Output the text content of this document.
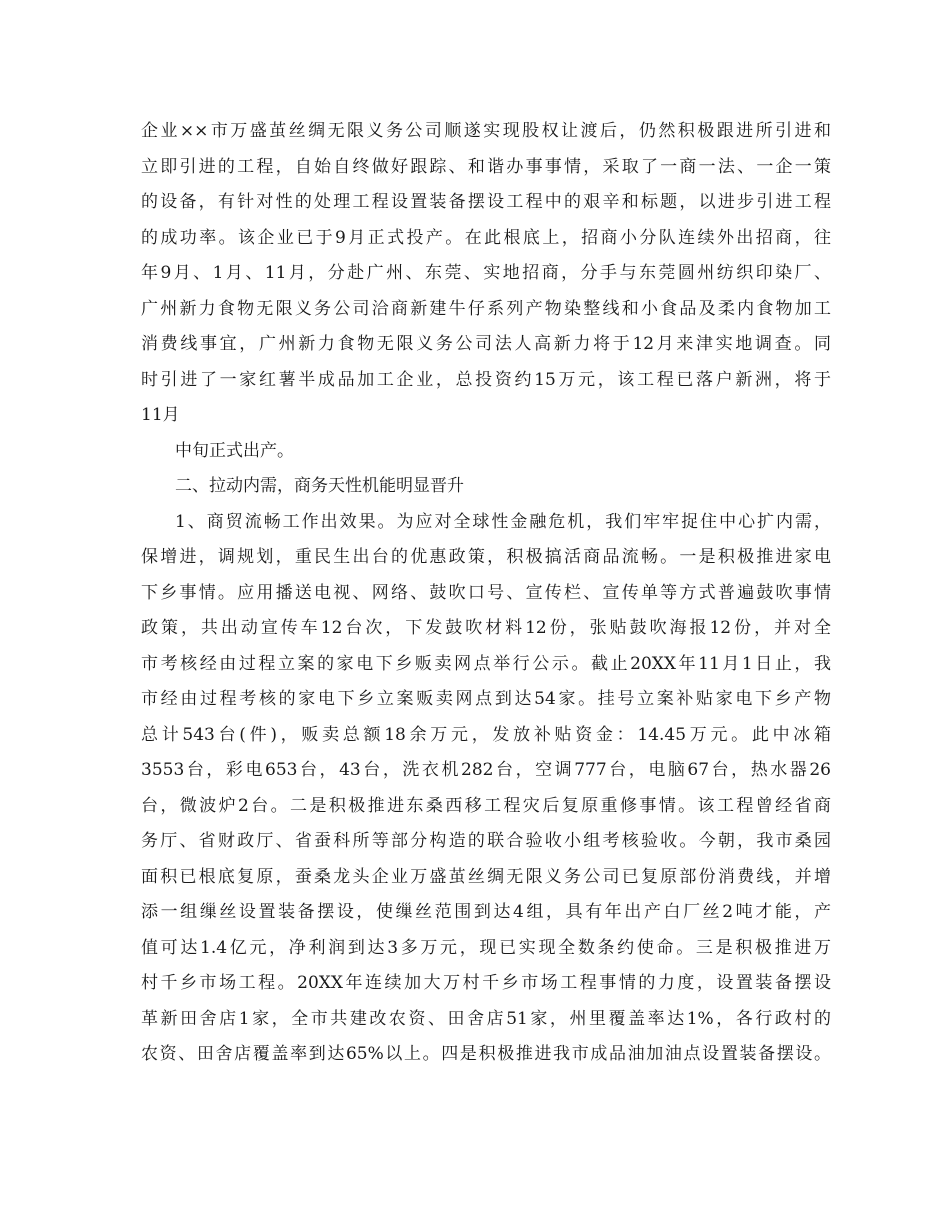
企业××市万盛茧丝绸无限义务公司顺遂实现股权让渡后，仍然积极跟进所引进和
立即引进的工程，自始自终做好跟踪、和谐办事事情，采取了一商一法、一企一策
的设备，有针对性的处理工程设置装备摆设工程中的艰辛和标题，以进步引进工程
的成功率。该企业已于9月正式投产。在此根底上，招商小分队连续外出招商，往
年9月、1月、11月，分赴广州、东莞、实地招商，分手与东莞圆州纺织印染厂、
广州新力食物无限义务公司洽商新建牛仔系列产物染整线和小食品及柔内食物加工
消费线事宜，广州新力食物无限义务公司法人高新力将于12月来津实地调查。同
时引进了一家红薯半成品加工企业，总投资约15万元，该工程已落户新洲，将于
11月
中旬正式出产。
二、拉动内需，商务天性机能明显晋升
1、商贸流畅工作出效果。为应对全球性金融危机，我们牢牢捉住中心扩内需，
保增进，调规划，重民生出台的优惠政策，积极搞活商品流畅。一是积极推进家电
下乡事情。应用播送电视、网络、鼓吹口号、宣传栏、宣传单等方式普遍鼓吹事情
政策，共出动宣传车12台次，下发鼓吹材料12份，张贴鼓吹海报12份，并对全
市考核经由过程立案的家电下乡贩卖网点举行公示。截止20XX年11月1日止，我
市经由过程考核的家电下乡立案贩卖网点到达54家。挂号立案补贴家电下乡产物
总计543台(件)，贩卖总额18余万元，发放补贴资金：14.45万元。此中冰箱
3553台，彩电653台，43台，洗衣机282台，空调777台，电脑67台，热水器26
台，微波炉2台。二是积极推进东桑西移工程灾后复原重修事情。该工程曾经省商
务厅、省财政厅、省蚕科所等部分构造的联合验收小组考核验收。今朝，我市桑园
面积已根底复原，蚕桑龙头企业万盛茧丝绸无限义务公司已复原部份消费线，并增
添一组缫丝设置装备摆设，使缫丝范围到达4组，具有年出产白厂丝2吨才能，产
值可达1.4亿元，净利润到达3多万元，现已实现全数条约使命。三是积极推进万
村千乡市场工程。20XX年连续加大万村千乡市场工程事情的力度，设置装备摆设
革新田舍店1家，全市共建改农资、田舍店51家，州里覆盖率达1%，各行政村的
农资、田舍店覆盖率到达65%以上。四是积极推进我市成品油加油点设置装备摆设。
